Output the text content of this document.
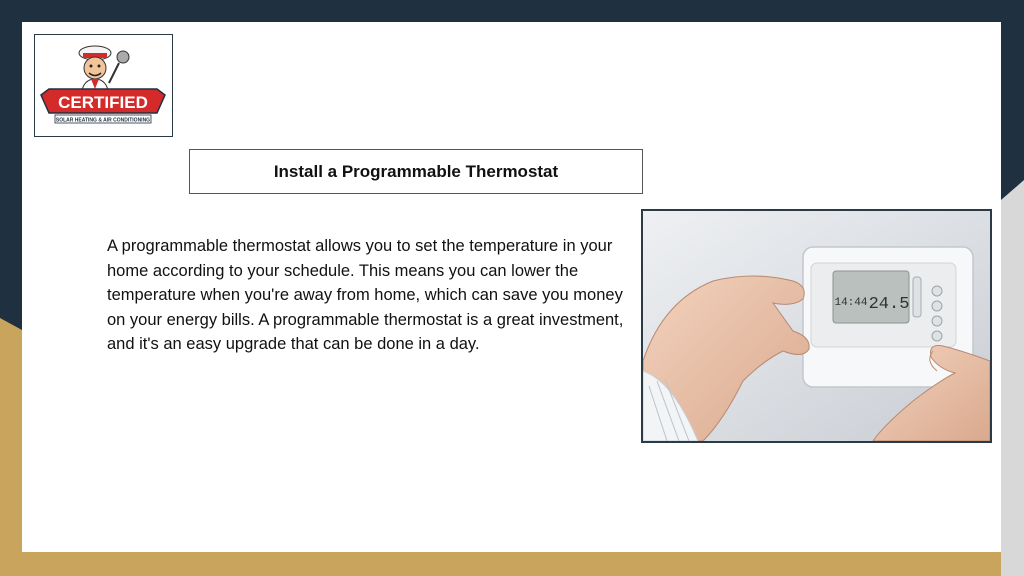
CERTIFIED
SOLAR HEATING & AIR CONDITIONING
Install a Programmable Thermostat
A programmable thermostat allows you to set the temperature in your home according to your schedule. This means you can lower the temperature when you're away from home, which can save you money on your energy bills. A programmable thermostat is a great investment, and it's an easy upgrade that can be done in a day.
14:44 24.5
